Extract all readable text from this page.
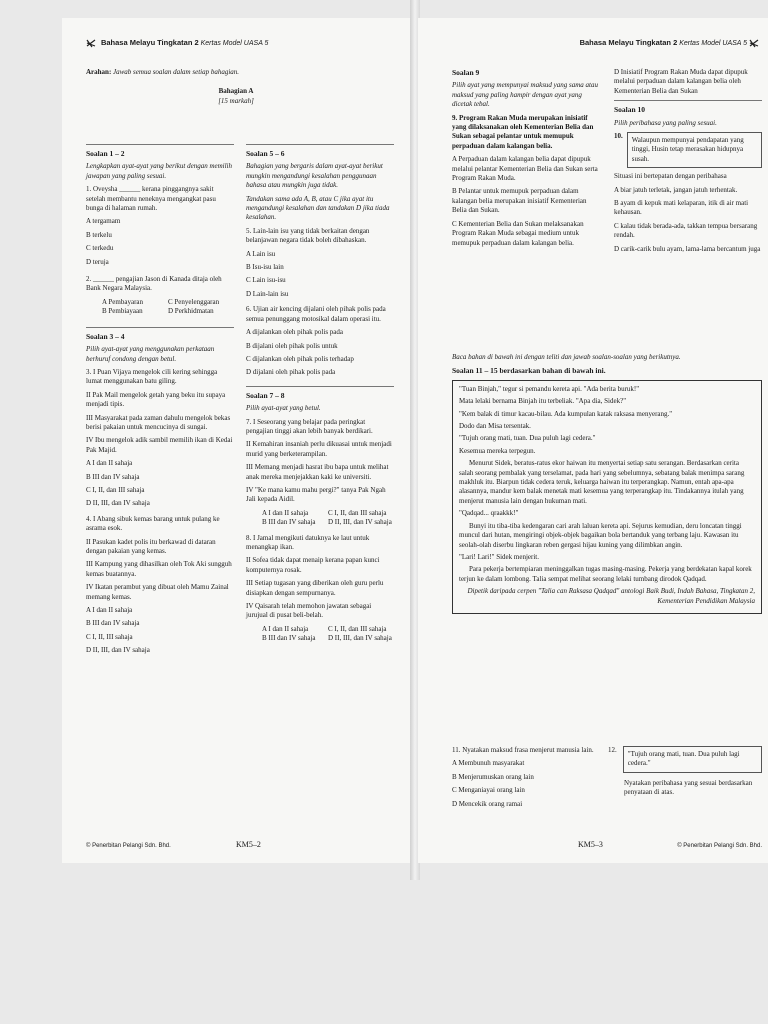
Bahasa Melayu Tingkatan 2 Kertas Model UASA 5

Arahan: Jawab semua soalan dalam setiap bahagian.

Bahagian A
[15 markah]

Soalan 1 – 2

Lengkapkan ayat-ayat yang berikut dengan memilih jawapan yang paling sesuai.

1. Oveysha ______ kerana pinggangnya sakit setelah membantu neneknya mengangkat pasu bunga di halaman rumah.

A tergamam

B terkelu

C terkedu

D terujа

2. ______ pengajian Jason di Kanada ditaja oleh Bank Negara Malaysia.

A Pembayaran	C Penyelenggaran
B Pembiayaan	D Perkhidmatan

Soalan 3 – 4

Pilih ayat-ayat yang menggunakan perkataan berhuruf condong dengan betul.

3. I Puan Vijaya mengelok cili kering sehingga lumat menggunakan batu giling.

II Pak Mail mengelok getah yang beku itu supaya menjadi tipis.

III Masyarakat pada zaman dahulu mengelok bekas berisi pakaian untuk mencucinya di sungai.

IV Ibu mengelok adik sambil memilih ikan di Kedai Pak Majid.

A I dan II sahaja

B III dan IV sahaja

C I, II, dan III sahaja

D II, III, dan IV sahaja

4. I Abang sibuk kemas barang untuk pulang ke asrama esok.

II Pasukan kadet polis itu berkawad di dataran dengan pakaian yang kemas.

III Kampung yang dihasilkan oleh Tok Aki sungguh kemas buatannya.

IV Ikatan perambut yang dibuat oleh Mamu Zainal memang kemas.

A I dan II sahaja

B III dan IV sahaja

C I, II, III sahaja

D II, III, dan IV sahaja

Soalan 5 – 6

Bahagian yang bergaris dalam ayat-ayat berikut mungkin mengandungi kesalahan penggunaan bahasa atau mungkin juga tidak.

Tandakan sama ada A, B, atau C jika ayat itu mengandungi kesalahan dan tandakan D jika tiada kesalahan.

5. Lain-lain isu yang tidak berkaitan dengan belanjawan negara tidak boleh dibahaskan.

A Lain isu

B Isu-isu lain

C Lain isu-isu

D Lain-lain isu

6. Ujian air kencing dijalani oleh pihak polis pada semua penunggang motosikal dalam operasi itu.

A dijalankan oleh pihak polis pada

B dijalani oleh pihak polis untuk

C dijalankan oleh pihak polis terhadap

D dijalani oleh pihak polis pada

Soalan 7 – 8

Pilih ayat-ayat yang betul.

7. I Seseorang yang belajar pada peringkat pengajian tinggi akan lebih banyak berdikari.

II Kemahiran insaniah perlu dikuasai untuk menjadi murid yang berketerampilan.

III Memang menjadi hasrat ibu bapa untuk melihat anak mereka menjejakkan kaki ke universiti.

IV "Ke mana kamu mahu pergi?" tanya Pak Ngah Jali kepada Aidil.

A I dan II sahaja	C I, II, dan III sahaja
B III dan IV sahaja	D II, III, dan IV sahaja

8. I Jamal mengikuti datuknya ke laut untuk menangkap ikan.

II Sofea tidak dapat menaip kerana papan kunci komputernya rosak.

III Setiap tugasan yang diberikan oleh guru perlu disiapkan dengan sempurnanya.

IV Qaisarah telah memohon jawatan sebagai jurujual di pusat beli-belah.

A I dan II sahaja	C I, II, dan III sahaja
B III dan IV sahaja	D II, III, dan IV sahaja
© Penerbitan Pelangi Sdn. Bhd.	KM5–2
Bahasa Melayu Tingkatan 2 Kertas Model UASA 5

Soalan 9

Pilih ayat yang mempunyai maksud yang sama atau maksud yang paling hampir dengan ayat yang dicetak tebal.

9. Program Rakan Muda merupakan inisiatif yang dilaksanakan oleh Kementerian Belia dan Sukan sebagai pelantar untuk memupuk perpaduan dalam kalangan belia.

A Perpaduan dalam kalangan belia dapat dipupuk melalui pelantar Kementerian Belia dan Sukan serta Program Rakan Muda.

B Pelantar untuk memupuk perpaduan dalam kalangan belia merupakan inisiatif Kementerian Belia dan Sukan.

C Kementerian Belia dan Sukan melaksanakan Program Rakan Muda sebagai medium untuk memupuk perpaduan dalam kalangan belia.

D Inisiatif Program Rakan Muda dapat dipupuk melalui perpaduan dalam kalangan belia oleh Kementerian Belia dan Sukan

Soalan 10

Pilih peribahasa yang paling sesuai.

10.	Walaupun mempunyai pendapatan yang tinggi, Husin tetap merasakan hidupnya susah.

Situasi ini bertepatan dengan peribahasa

A biar jatuh terletak, jangan jatuh terhentak.

B ayam di kepuk mati kelaparan, itik di air mati kehausan.

C kalau tidak berada-ada, takkan tempua bersarang rendah.

D carik-carik bulu ayam, lama-lama bercantum juga

Baca bahan di bawah ini dengan teliti dan jawab soalan-soalan yang berikutnya.

Soalan 11 – 15 berdasarkan bahan di bawah ini.

"Tuan Binjah," tegur si pemandu kereta api. "Ada berita buruk!"

Mata lelaki bernama Binjah itu terbeliak. "Apa dia, Sidek?"

"Kem balak di timur kacau-bilau. Ada kumpulan katak raksasa menyerang."

Dodo dan Misa tersentak.

"Tujuh orang mati, tuan. Dua puluh lagi cedera."

Kesemua mereka terpegun.

Menurut Sidek, beratus-ratus ekor haiwan itu menyertai setiap satu serangan. Berdasarkan cerita salah seorang pembalak yang terselamat, pada hari yang sebelumnya, sebatang balak menimpa sarang makhluk itu. Biarpun tidak cedera teruk, keluarga haiwan itu terperangkap. Namun, entah apa-apa alasannya, mandur kem balak menetak mati kesemua yang terperangkap itu. Tindakannya itulah yang menjerut manusia lain dengan hukuman mati.

"Qadqad... qraakkk!"

Bunyi itu tiba-tiba kedengaran cari arah laluan kereta api. Sejurus kemudian, deru loncatan tinggi muncul dari hutan, mengiringi objek-objek bagaikan bola bertanduk yang terbang laju. Kawasan itu seolah-olah diserbu lingkaran reben gergasi hijau kuning yang dilimbkan angin.

"Lari! Lari!" Sidek menjerit.

Para pekerja bertempiaran meninggalkan tugas masing-masing. Pekerja yang berdekatan kapal korek terjun ke dalam lombong. Talia sempat melihat seorang lelaki tumbang dirodok Qadqad.

Dipetik daripada cerpen "Talia can Raksasa Qadqad" antologi Baik Budi, Indah Bahasa, Tingkatan 2, Kementerian Pendidikan Malaysia

11. Nyatakan maksud frasa menjerut manusia lain.

A Membunuh masyarakat

B Menjerumuskan orang lain

C Menganiayai orang lain

D Mencekik orang ramai

12.	"Tujuh orang mati, tuan. Dua puluh lagi cedera."

Nyatakan peribahasa yang sesuai berdasarkan penyataan di atas.

KM5–3	© Penerbitan Pelangi Sdn. Bhd.
